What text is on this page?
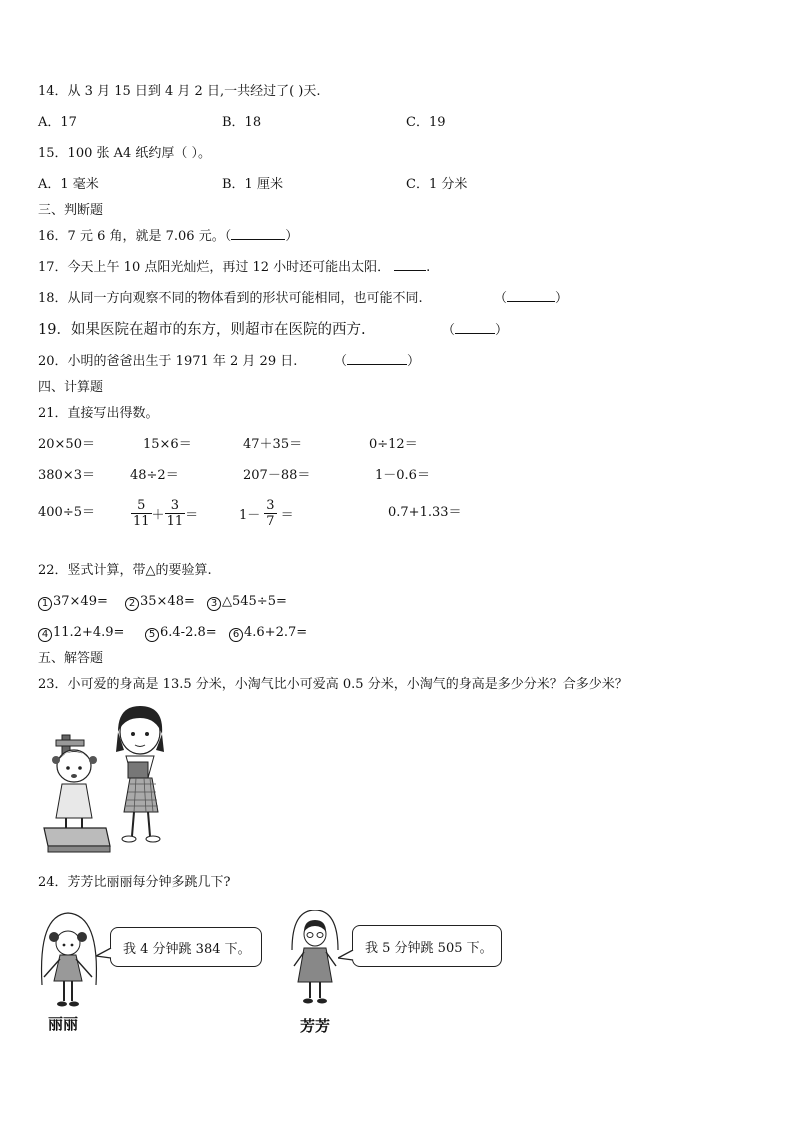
14．从 3 月 15 日到 4 月 2 日,一共经过了( )天.
A．17	B．18	C．19
15．100 张 A4 纸约厚（ ）。
A．1 毫米	B．1 厘米	C．1 分米
三、判断题
16．7 元 6 角，就是 7.06 元。（	）
17．今天上午 10 点阳光灿烂，再过 12 小时还可能出太阳．	.
18．从同一方向观察不同的物体看到的形状可能相同，也可能不同.	（	）
19．如果医院在超市的东方，则超市在医院的西方.	（	）
20．小明的爸爸出生于 1971 年 2 月 29 日.	（	）
四、计算题
21．直接写出得数。
20×50＝	15×6＝	47＋35＝	0÷12＝
380×3＝	48÷2＝	207－88＝	1－0.6＝
400÷5＝	$\frac{5}{11} + \frac{3}{11}$ ＝	$1- \frac{3}{7}$ ＝	0.7+1.33＝
22．竖式计算，带△的要验算.
1 37×49=	2 35×48=	3 △545÷5=
4 11.2+4.9=	5 6.4-2.8=	6 4.6+2.7=
五、解答题
23．小可爱的身高是 13.5 分米，小淘气比小可爱高 0.5 分米，小淘气的身高是多少分米？合多少米？
24．芳芳比丽丽每分钟多跳几下?
我 4 分钟跳 384 下。
丽丽
我 5 分钟跳 505 下。
芳芳
